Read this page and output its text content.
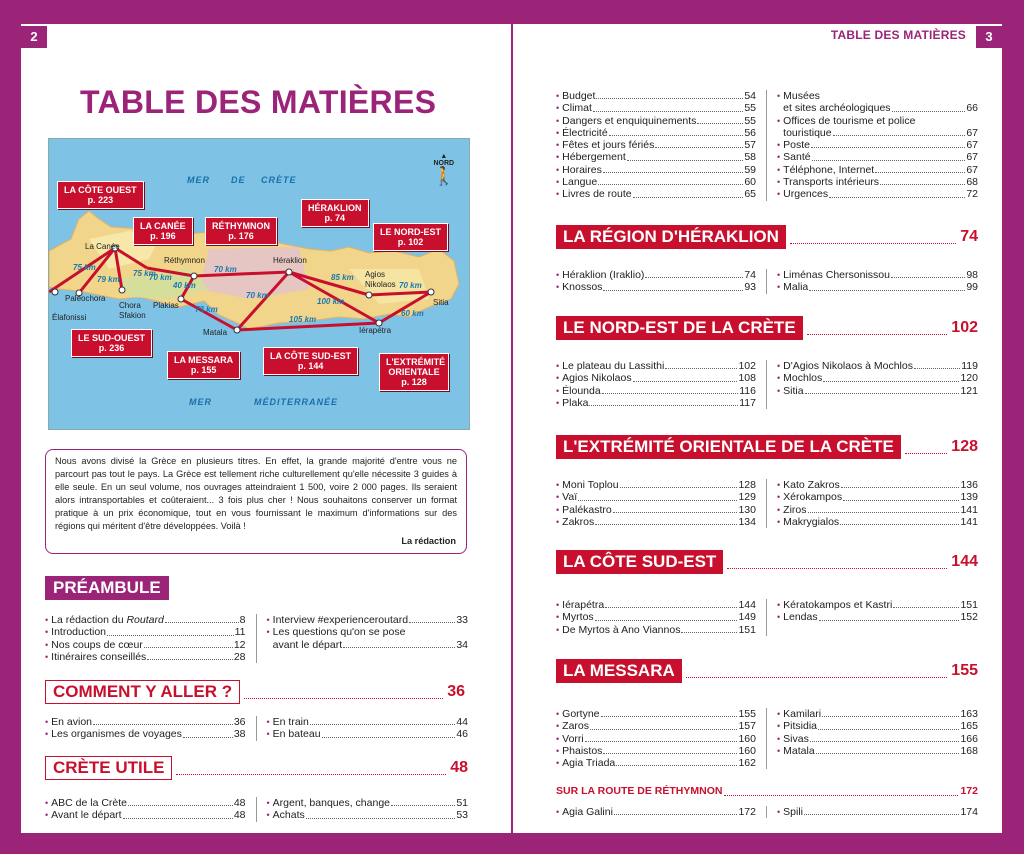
2	TABLE DES MATIÈRES	3
TABLE DES MATIÈRES
MER DE CRÈTE
MER	MÉDITERRANÉE
▲
NORD
🚶
LA CÔTE OUEST
p. 223
LA CANÉE
p. 196
RÉTHYMNON
p. 176
HÉRAKLION
p. 74
LE NORD-EST
p. 102
LE SUD-OUEST
p. 236
LA MESSARA
p. 155
LA CÔTE SUD-EST
p. 144	L'EXTRÉMITÉ ORIENTALE
p. 128
La Canée
Réthymnon	Héraklion
Agios Nikolaos
Sitia
Paléochora
Élafonissi
Chora Sfakion
Plakias
Matala	Iérapétra
75 km
79 km
75 km
70 km
40 km
70 km
73 km
70 km
85 km
100 km
105 km
70 km
60 km
Nous avons divisé la Grèce en plusieurs titres. En effet, la grande majorité d'entre vous ne parcourt pas tout le pays. La Grèce est tellement riche culturellement qu'elle nécessite 3 guides à elle seule. En un seul volume, nos ouvrages atteindraient 1 500, voire 2 000 pages. Ils seraient alors intransportables et coûteraient... 3 fois plus cher ! Nous souhaitons conserver un format pratique à un prix économique, tout en vous fournissant le maximum d'informations sur des régions qui méritent d'être développées. Voilà !
La rédaction
PRÉAMBULE
• La rédaction du Routard	8
• Introduction	11
• Nos coups de cœur	12
• Itinéraires conseillés	28
• Interview #experienceroutard	33
• Les questions qu'on se pose
avant le départ	34
COMMENT Y ALLER ?	36
• En avion	36
• Les organismes de voyages	38
• En train	44
• En bateau	46
CRÈTE UTILE	48
• ABC de la Crète	48
• Avant le départ	48
• Argent, banques, change	51
• Achats	53
• Budget	54
• Climat	55
• Dangers et enquiquinements	55
• Électricité	56
• Fêtes et jours fériés	57
• Hébergement	58
• Horaires	59
• Langue	60
• Livres de route	65
• Musées
et sites archéologiques	66
• Offices de tourisme et police
touristique	67
• Poste	67
• Santé	67
• Téléphone, Internet	67
• Transports intérieurs	68
• Urgences	72
LA RÉGION D'HÉRAKLION	74
• Héraklion (Iraklio)	74
• Knossos	93
• Liménas Chersonissou	98
• Malia	99
LE NORD-EST DE LA CRÈTE	102
• Le plateau du Lassithi	102
• Agios Nikolaos	108
• Élounda	116
• Plaka	117
• D'Agios Nikolaos à Mochlos	119
• Mochlos	120
• Sitia	121
L'EXTRÉMITÉ ORIENTALE DE LA CRÈTE	128
• Moni Toplou	128
• Vaï	129
• Palékastro	130
• Zakros	134
• Kato Zakros	136
• Xérokampos	139
• Ziros	141
• Makrygialos	141
LA CÔTE SUD-EST	144
• Iérapétra	144
• Myrtos	149
• De Myrtos à Ano Viannos	151
• Kératokampos et Kastri	151
• Lendas	152
LA MESSARA	155
• Gortyne	155
• Zaros	157
• Vorri	160
• Phaistos	160
• Agia Triada	162
• Kamilari	163
• Pitsidia	165
• Sivas	166
• Matala	168
SUR LA ROUTE DE RÉTHYMNON	172
• Agia Galini	172 • Spili	174
